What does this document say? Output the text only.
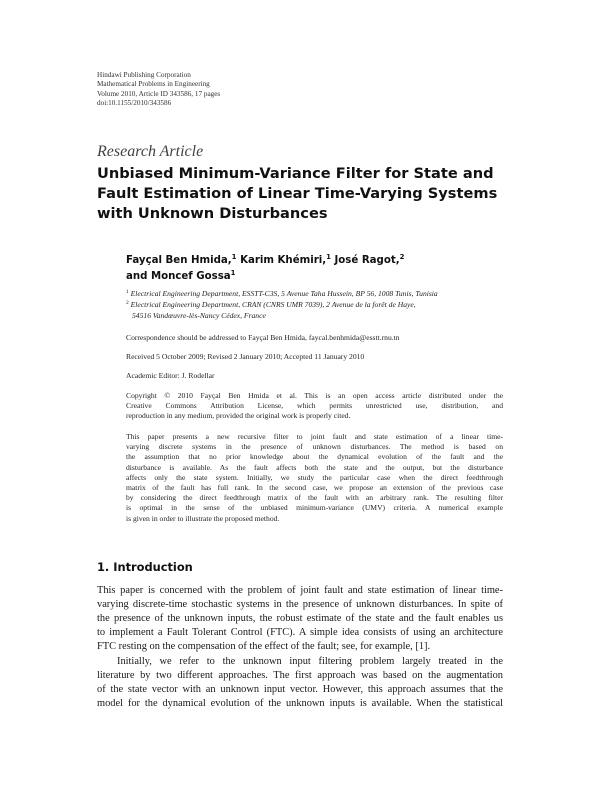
Hindawi Publishing Corporation
Mathematical Problems in Engineering
Volume 2010, Article ID 343586, 17 pages
doi:10.1155/2010/343586
Research Article
Unbiased Minimum-Variance Filter for State and
Fault Estimation of Linear Time-Varying Systems
with Unknown Disturbances
Fayçal Ben Hmida,$^1$ Karim Khémiri,$^1$ José Ragot,$^2$
and Moncef Gossa$^1$
$^1$ Electrical Engineering Department, ESSTT-C3S, 5 Avenue Taha Hussein, BP 56, 1008 Tunis, Tunisia
$^2$ Electrical Engineering Department, CRAN (CNRS UMR 7039), 2 Avenue de la forêt de Haye,
54516 Vandœuvre-lès-Nancy Cédex, France
Correspondence should be addressed to Fayçal Ben Hmida, faycal.benhmida@esstt.rnu.tn
Received 5 October 2009; Revised 2 January 2010; Accepted 11 January 2010
Academic Editor: J. Rodellar
Copyright © 2010 Fayçal Ben Hmida et al. This is an open access article distributed under the
Creative Commons Attribution License, which permits unrestricted use, distribution, and
reproduction in any medium, provided the original work is properly cited.
This paper presents a new recursive filter to joint fault and state estimation of a linear time-
varying discrete systems in the presence of unknown disturbances. The method is based on
the assumption that no prior knowledge about the dynamical evolution of the fault and the
disturbance is available. As the fault affects both the state and the output, but the disturbance
affects only the state system. Initially, we study the particular case when the direct feedthrough
matrix of the fault has full rank. In the second case, we propose an extension of the previous case
by considering the direct feedthrough matrix of the fault with an arbitrary rank. The resulting filter
is optimal in the sense of the unbiased minimum-variance (UMV) criteria. A numerical example
is given in order to illustrate the proposed method.
1. Introduction
This paper is concerned with the problem of joint fault and state estimation of linear time-
varying discrete-time stochastic systems in the presence of unknown disturbances. In spite of
the presence of the unknown inputs, the robust estimate of the state and the fault enables us
to implement a Fault Tolerant Control (FTC). A simple idea consists of using an architecture
FTC resting on the compensation of the effect of the fault; see, for example, [1].
Initially, we refer to the unknown input filtering problem largely treated in the
literature by two different approaches. The first approach was based on the augmentation
of the state vector with an unknown input vector. However, this approach assumes that the
model for the dynamical evolution of the unknown inputs is available. When the statistical
